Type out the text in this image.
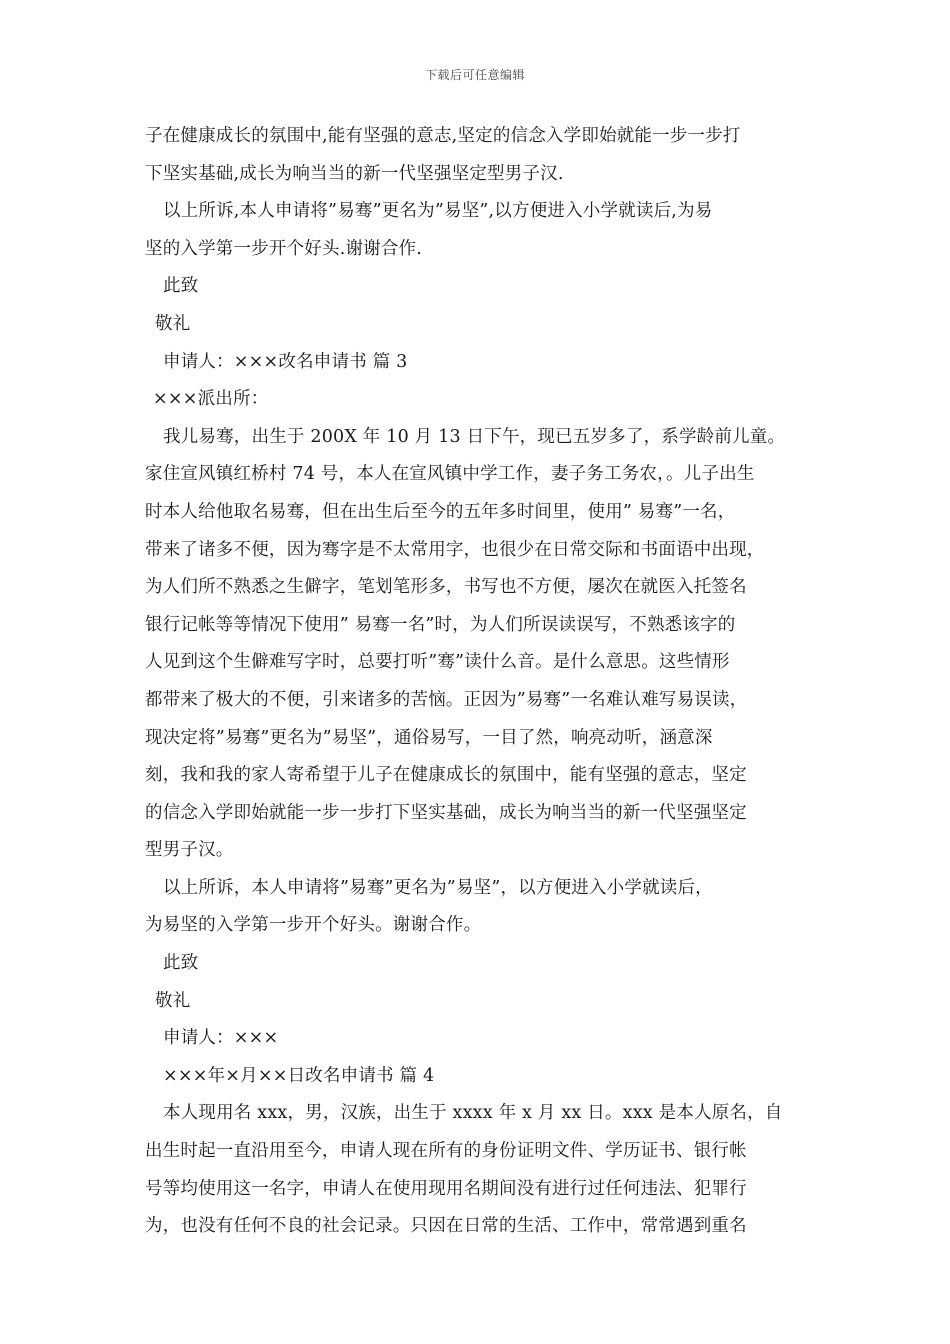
下载后可任意编辑
子在健康成长的氛围中,能有坚强的意志,坚定的信念入学即始就能一步一步打
下坚实基础,成长为响当当的新一代坚强坚定型男子汉.
以上所诉,本人申请将”易骞”更名为”易坚”,以方便进入小学就读后,为易
坚的入学第一步开个好头.谢谢合作.
此致
敬礼
申请人：×××改名申请书 篇 3
×××派出所：
我儿易骞，出生于 200X 年 10 月 13 日下午，现已五岁多了，系学龄前儿童。
家住宣风镇红桥村 74 号，本人在宣风镇中学工作，妻子务工务农，。儿子出生
时本人给他取名易骞，但在出生后至今的五年多时间里，使用” 易骞”一名，
带来了诸多不便，因为骞字是不太常用字，也很少在日常交际和书面语中出现，
为人们所不熟悉之生僻字，笔划笔形多，书写也不方便，屡次在就医入托签名
银行记帐等等情况下使用” 易骞一名”时，为人们所误读误写，不熟悉该字的
人见到这个生僻难写字时，总要打听”骞”读什么音。是什么意思。这些情形
都带来了极大的不便，引来诸多的苦恼。正因为”易骞”一名难认难写易误读，
现决定将”易骞”更名为”易坚”，通俗易写，一目了然，响亮动听，涵意深
刻，我和我的家人寄希望于儿子在健康成长的氛围中，能有坚强的意志，坚定
的信念入学即始就能一步一步打下坚实基础，成长为响当当的新一代坚强坚定
型男子汉。
以上所诉，本人申请将”易骞”更名为”易坚”，以方便进入小学就读后，
为易坚的入学第一步开个好头。谢谢合作。
此致
敬礼
申请人：×××
×××年×月××日改名申请书 篇 4
本人现用名 xxx，男，汉族，出生于 xxxx 年 x 月 xx 日。xxx 是本人原名，自
出生时起一直沿用至今，申请人现在所有的身份证明文件、学历证书、银行帐
号等均使用这一名字，申请人在使用现用名期间没有进行过任何违法、犯罪行
为，也没有任何不良的社会记录。只因在日常的生活、工作中，常常遇到重名
